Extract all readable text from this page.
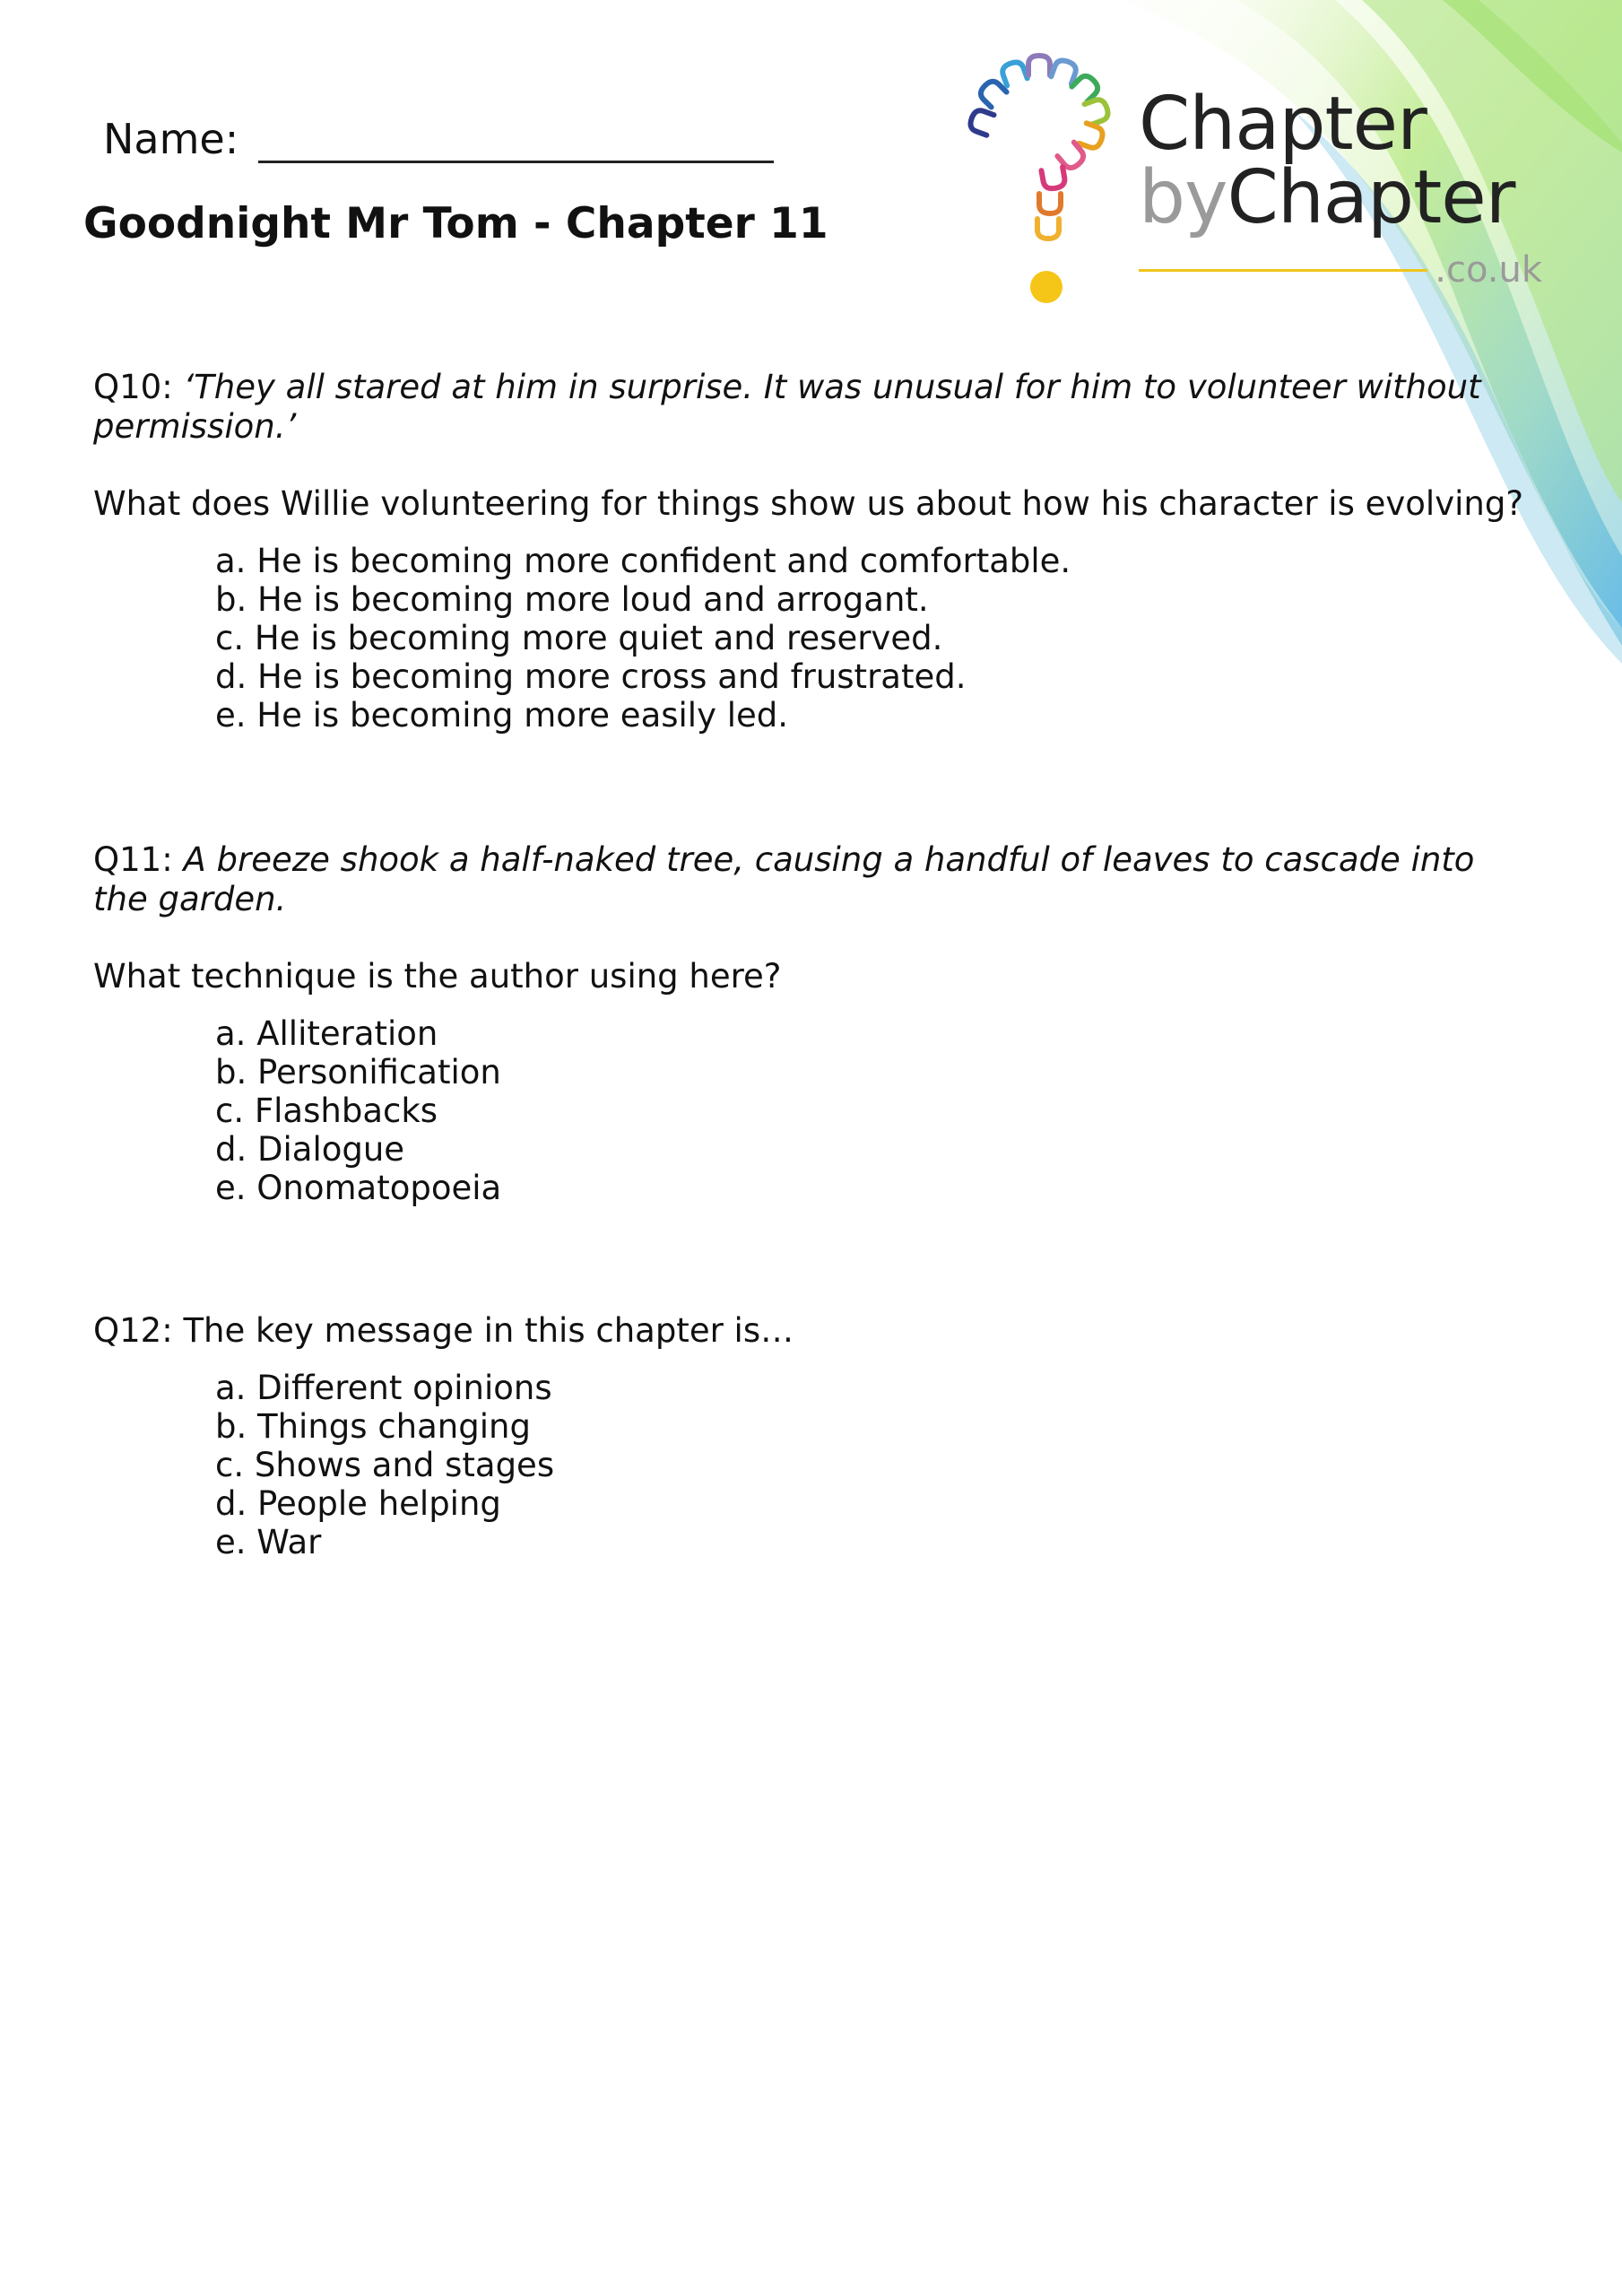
Name:
Goodnight Mr Tom - Chapter 11
Chapter
byChapter
.co.uk

Q10: ‘They all stared at him in surprise. It was unusual for him to volunteer without permission.’

What does Willie volunteering for things show us about how his character is evolving?

a. He is becoming more confident and comfortable.
b. He is becoming more loud and arrogant.
c. He is becoming more quiet and reserved.
d. He is becoming more cross and frustrated.
e. He is becoming more easily led.

Q11: A breeze shook a half-naked tree, causing a handful of leaves to cascade into the garden.

What technique is the author using here?

a. Alliteration
b. Personification
c. Flashbacks
d. Dialogue
e. Onomatopoeia

Q12: The key message in this chapter is…

a. Different opinions
b. Things changing
c. Shows and stages
d. People helping
e. War
